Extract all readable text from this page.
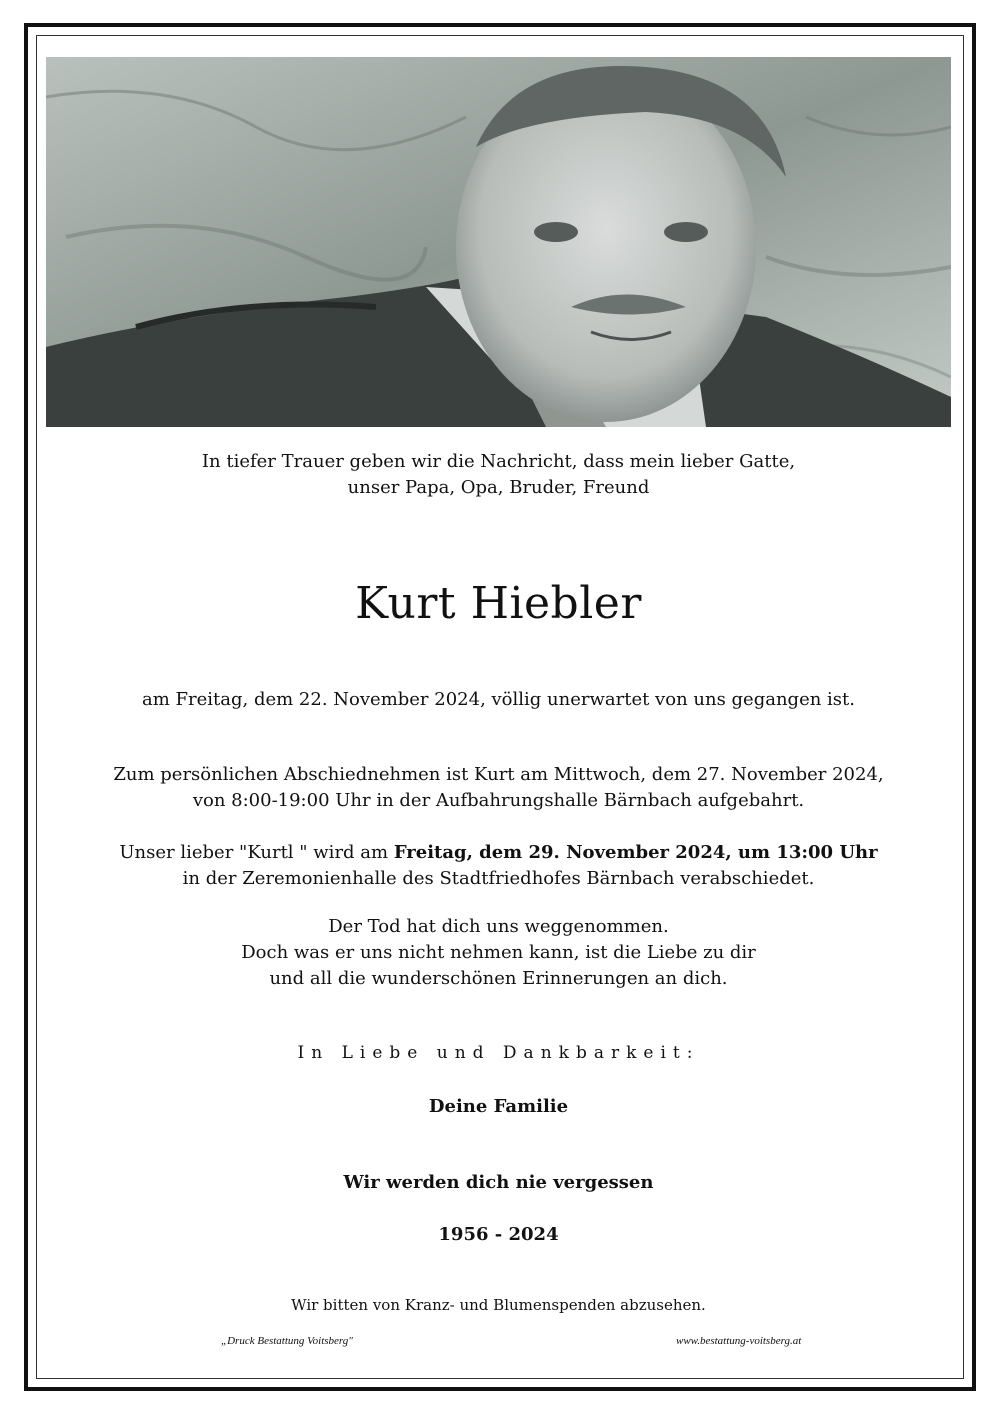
In tiefer Trauer geben wir die Nachricht, dass mein lieber Gatte,

unser Papa, Opa, Bruder, Freund

Kurt Hiebler

am Freitag, dem 22. November 2024, völlig unerwartet von uns gegangen ist.

Zum persönlichen Abschiednehmen ist Kurt am Mittwoch, dem 27. November 2024,

von 8:00-19:00 Uhr in der Aufbahrungshalle Bärnbach aufgebahrt.

Unser lieber "Kurtl " wird am Freitag, dem 29. November 2024, um 13:00 Uhr

in der Zeremonienhalle des Stadtfriedhofes Bärnbach verabschiedet.

Der Tod hat dich uns weggenommen.

Doch was er uns nicht nehmen kann, ist die Liebe zu dir

und all die wunderschönen Erinnerungen an dich.

In Liebe und Dankbarkeit:
Deine Familie
Wir werden dich nie vergessen
1956 - 2024
Wir bitten von Kranz- und Blumenspenden abzusehen.
„Druck Bestattung Voitsberg"	www.bestattung-voitsberg.at
